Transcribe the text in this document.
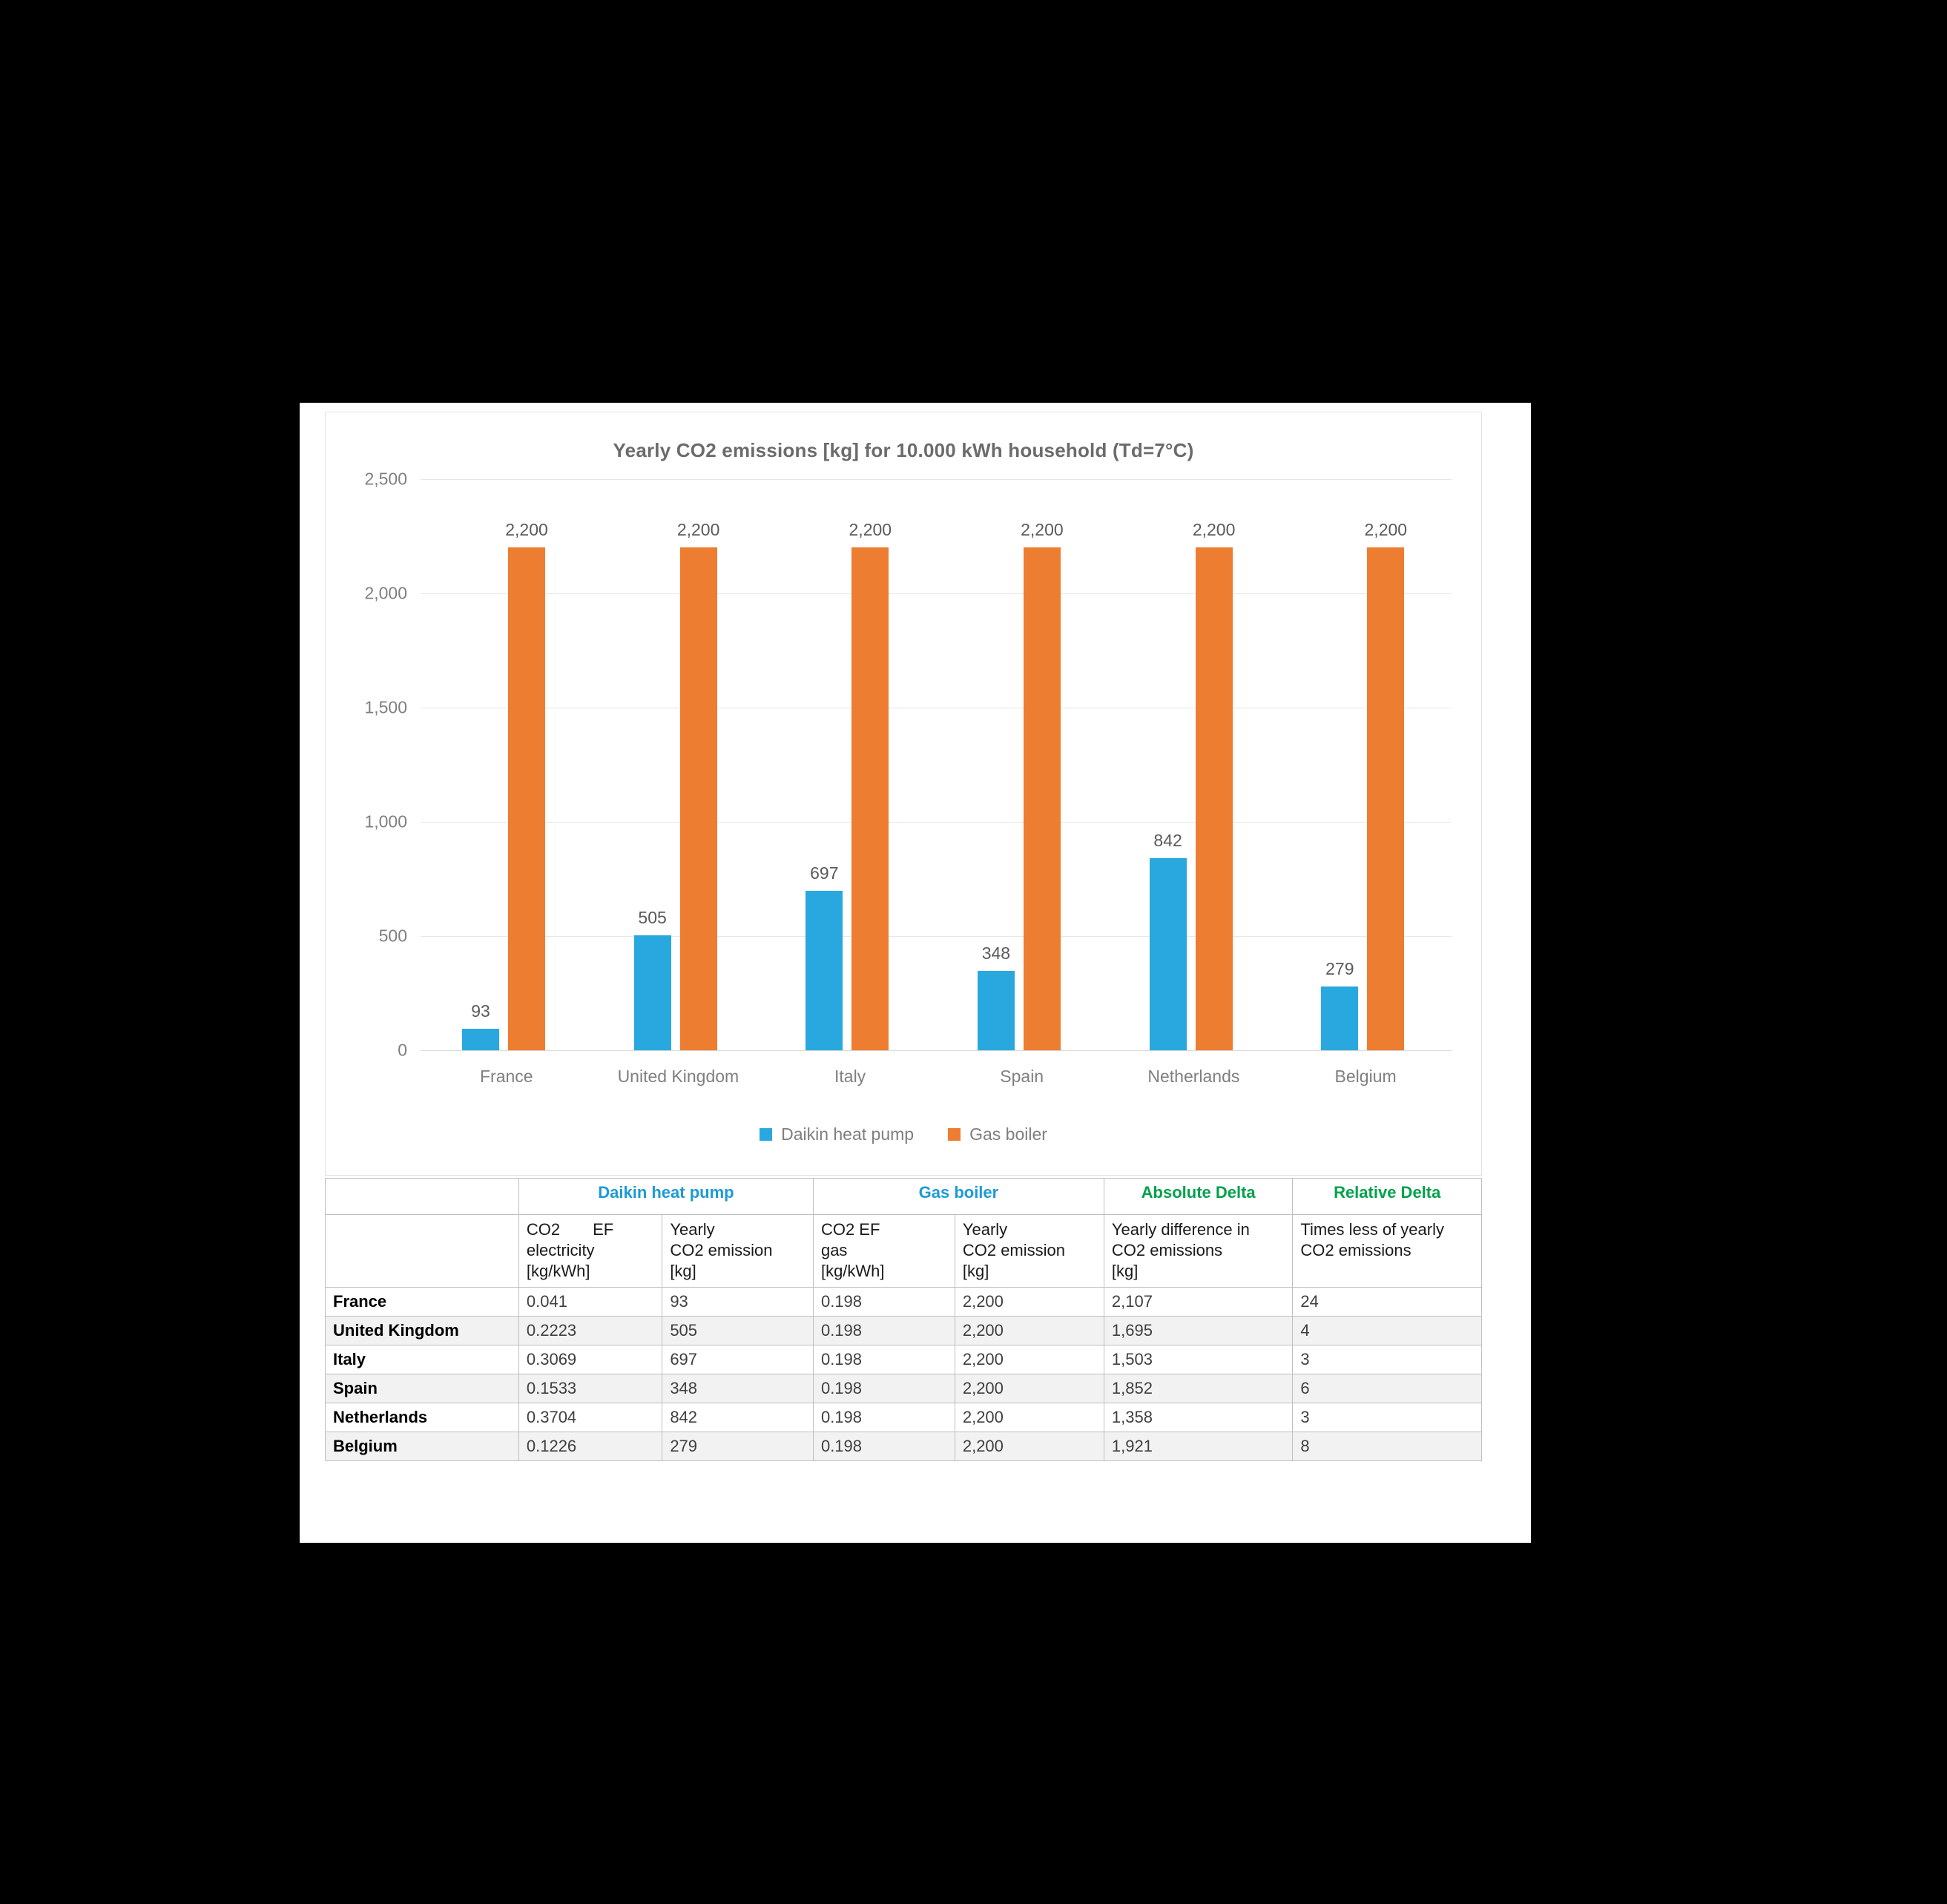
Yearly CO2 emissions [kg] for 10.000 kWh household (Td=7°C)
2,500
2,000
1,500
1,000
500
0
93
2,200
France
505
2,200
United Kingdom
697
2,200
Italy
348
2,200
Spain
842
2,200
Netherlands
279
2,200
Belgium
Daikin heat pump	Gas boiler
	Daikin heat pump		Gas boiler		Absolute Delta	Relative Delta
	CO2 EF
electricity
[kg/kWh]	Yearly
CO2 emission
[kg]	CO2 EF
gas
[kg/kWh]	Yearly
CO2 emission
[kg]	Yearly difference in
CO2 emissions
[kg]	Times less of yearly
CO2 emissions
France	0.041	93	0.198	2,200	2,107	24
United Kingdom	0.2223	505	0.198	2,200	1,695	4
Italy	0.3069	697	0.198	2,200	1,503	3
Spain	0.1533	348	0.198	2,200	1,852	6
Netherlands	0.3704	842	0.198	2,200	1,358	3
Belgium	0.1226	279	0.198	2,200	1,921	8
